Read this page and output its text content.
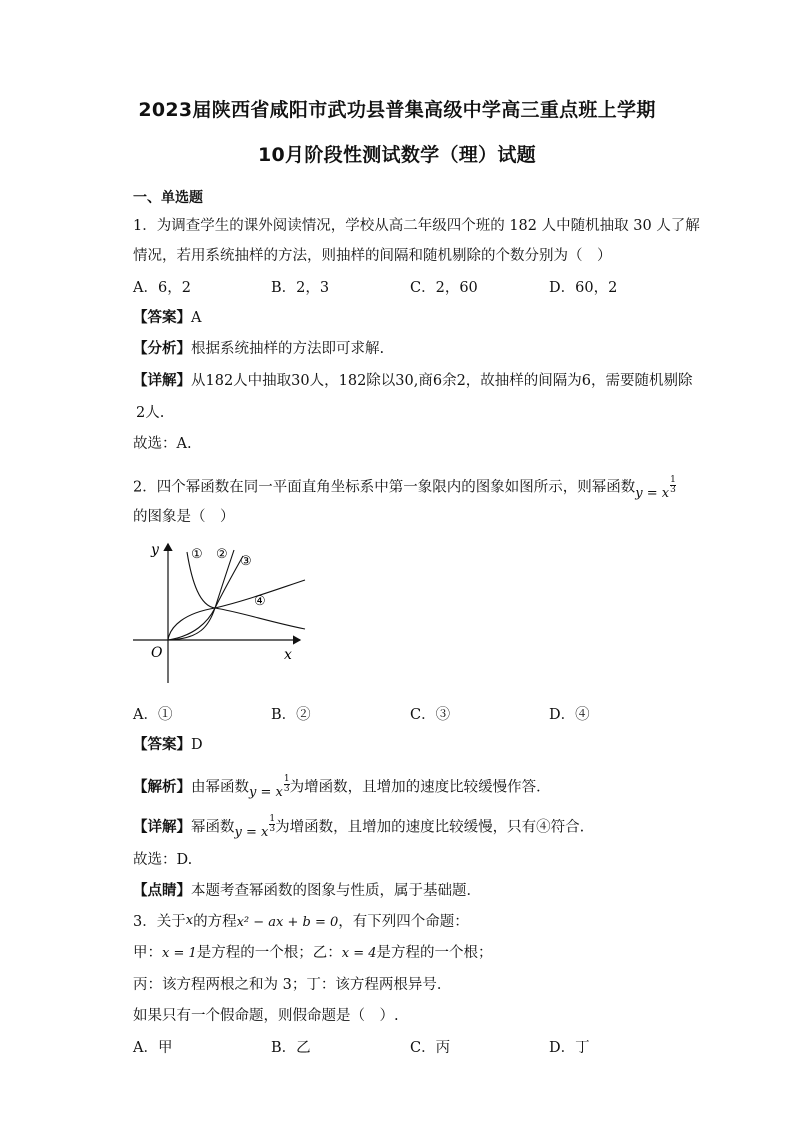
2023届陕西省咸阳市武功县普集高级中学高三重点班上学期
10月阶段性测试数学（理）试题
一、单选题
1．为调查学生的课外阅读情况，学校从高二年级四个班的 182 人中随机抽取 30 人了解
情况，若用系统抽样的方法，则抽样的间隔和随机剔除的个数分别为（　）
A．6，2	B．2，3	C．2，60	D．60，2
【答案】A
【分析】根据系统抽样的方法即可求解.
【详解】从182人中抽取30人，182除以30,商6余2，故抽样的间隔为6，需要随机剔除
2人.
故选：A.
2．四个幂函数在同一平面直角坐标系中第一象限内的图象如图所示，则幂函数y = x $\frac{1}{3}$
的图象是（　）
y
x
O
① ② ③
④
A．①	B．②	C．③	D．④
【答案】D
【解析】由幂函数y = x $\frac{1}{3}$ 为增函数，且增加的速度比较缓慢作答．
【详解】幂函数y = x $\frac{1}{3}$ 为增函数，且增加的速度比较缓慢，只有④符合.
故选：D.
【点睛】本题考查幂函数的图象与性质，属于基础题．
3．关于x的方程x² − ax + b = 0，有下列四个命题：
甲：x = 1是方程的一个根；乙：x = 4是方程的一个根；
丙：该方程两根之和为 3；丁：该方程两根异号．
如果只有一个假命题，则假命题是（　）.
A．甲	B．乙	C．丙	D．丁
